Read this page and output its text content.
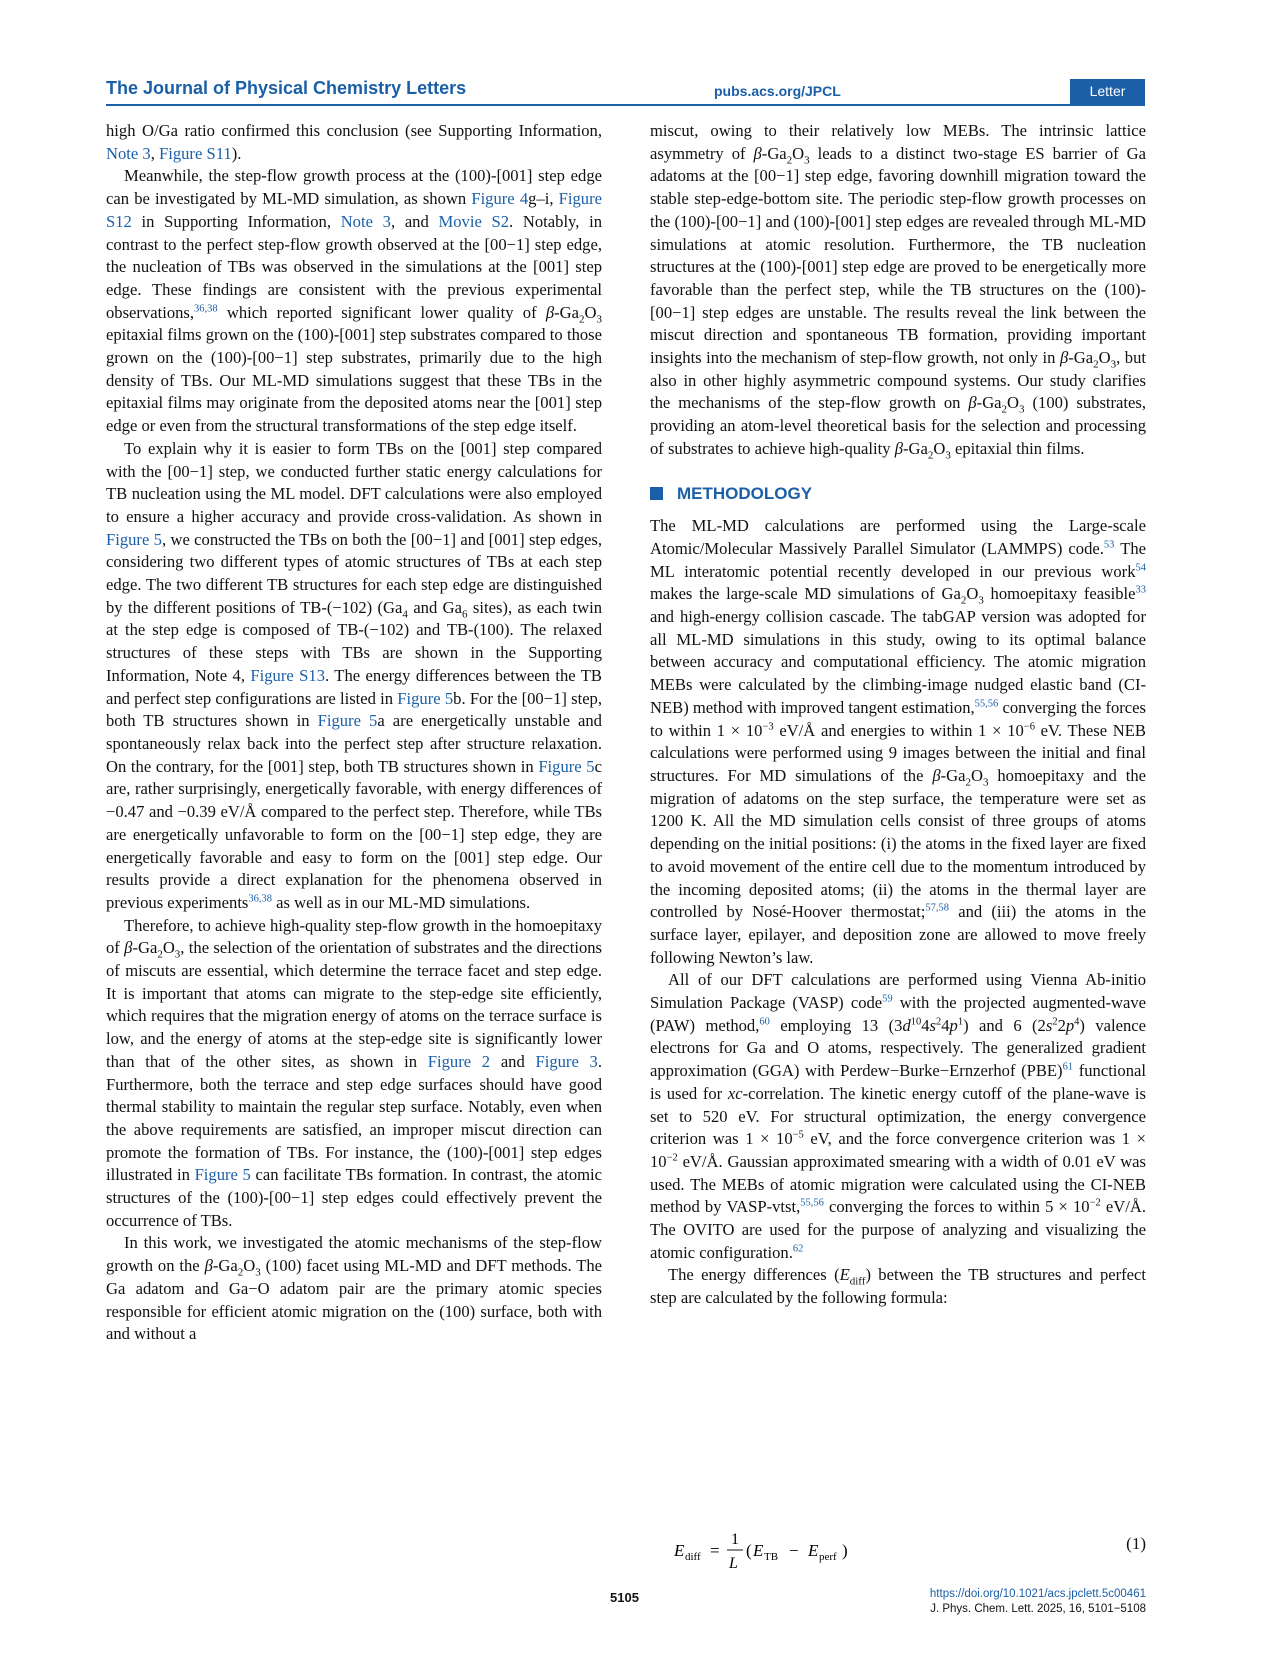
The Journal of Physical Chemistry Letters	pubs.acs.org/JPCL	Letter

high O/Ga ratio confirmed this conclusion (see Supporting Information, Note 3, Figure S11).

Meanwhile, the step-flow growth process at the (100)-[001] step edge can be investigated by ML-MD simulation, as shown Figure 4g–i, Figure S12 in Supporting Information, Note 3, and Movie S2. Notably, in contrast to the perfect step-flow growth observed at the [00−1] step edge, the nucleation of TBs was observed in the simulations at the [001] step edge. These findings are consistent with the previous experimental observations,$^{36,38}$ which reported significant lower quality of $\beta-Ga_2O_3$ epitaxial films grown on the (100)-[001] step substrates compared to those grown on the (100)-[00−1] step substrates, primarily due to the high density of TBs. Our ML-MD simulations suggest that these TBs in the epitaxial films may originate from the deposited atoms near the [001] step edge or even from the structural transformations of the step edge itself.

To explain why it is easier to form TBs on the [001] step compared with the [00−1] step, we conducted further static energy calculations for TB nucleation using the ML model. DFT calculations were also employed to ensure a higher accuracy and provide cross-validation. As shown in Figure 5, we constructed the TBs on both the [00−1] and [001] step edges, considering two different types of atomic structures of TBs at each step edge. The two different TB structures for each step edge are distinguished by the different positions of TB-(−102) ($Ga_4$ and $Ga_6$ sites), as each twin at the step edge is composed of TB-(−102) and TB-(100). The relaxed structures of these steps with TBs are shown in the Supporting Information, Note 4, Figure S13. The energy differences between the TB and perfect step configurations are listed in Figure 5b. For the [00−1] step, both TB structures shown in Figure 5a are energetically unstable and spontaneously relax back into the perfect step after structure relaxation. On the contrary, for the [001] step, both TB structures shown in Figure 5c are, rather surprisingly, energetically favorable, with energy differences of −0.47 and −0.39 eV/Å compared to the perfect step. Therefore, while TBs are energetically unfavorable to form on the [00−1] step edge, they are energetically favorable and easy to form on the [001] step edge. Our results provide a direct explanation for the phenomena observed in previous experiments$^{36,38}$ as well as in our ML-MD simulations.

Therefore, to achieve high-quality step-flow growth in the homoepitaxy of $\beta-Ga_2O_3$, the selection of the orientation of substrates and the directions of miscuts are essential, which determine the terrace facet and step edge. It is important that atoms can migrate to the step-edge site efficiently, which requires that the migration energy of atoms on the terrace surface is low, and the energy of atoms at the step-edge site is significantly lower than that of the other sites, as shown in Figure 2 and Figure 3. Furthermore, both the terrace and step edge surfaces should have good thermal stability to maintain the regular step surface. Notably, even when the above requirements are satisfied, an improper miscut direction can promote the formation of TBs. For instance, the (100)-[001] step edges illustrated in Figure 5 can facilitate TBs formation. In contrast, the atomic structures of the (100)-[00−1] step edges could effectively prevent the occurrence of TBs.

In this work, we investigated the atomic mechanisms of the step-flow growth on the $\beta-Ga_2O_3$ (100) facet using ML-MD and DFT methods. The Ga adatom and Ga−O adatom pair are the primary atomic species responsible for efficient atomic migration on the (100) surface, both with and without a

miscut, owing to their relatively low MEBs. The intrinsic lattice asymmetry of $\beta-Ga_2O_3$ leads to a distinct two-stage ES barrier of Ga adatoms at the [00−1] step edge, favoring downhill migration toward the stable step-edge-bottom site. The periodic step-flow growth processes on the (100)-[00−1] and (100)-[001] step edges are revealed through ML-MD simulations at atomic resolution. Furthermore, the TB nucleation structures at the (100)-[001] step edge are proved to be energetically more favorable than the perfect step, while the TB structures on the (100)-[00−1] step edges are unstable. The results reveal the link between the miscut direction and spontaneous TB formation, providing important insights into the mechanism of step-flow growth, not only in $\beta-Ga_2O_3$, but also in other highly asymmetric compound systems. Our study clarifies the mechanisms of the step-flow growth on $\beta-Ga_2O_3$ (100) substrates, providing an atom-level theoretical basis for the selection and processing of substrates to achieve high-quality $\beta-Ga_2O_3$ epitaxial thin films.

METHODOLOGY

The ML-MD calculations are performed using the Large-scale Atomic/Molecular Massively Parallel Simulator (LAMMPS) code.$^{53}$ The ML interatomic potential recently developed in our previous work$^{54}$ makes the large-scale MD simulations of $Ga_2O_3$ homoepitaxy feasible$^{33}$ and high-energy collision cascade. The tabGAP version was adopted for all ML-MD simulations in this study, owing to its optimal balance between accuracy and computational efficiency. The atomic migration MEBs were calculated by the climbing-image nudged elastic band (CI-NEB) method with improved tangent estimation,$^{55,56}$ converging the forces to within $1 \times 10^{-3}$ eV/Å and energies to within $1 \times 10^{-6}$ eV. These NEB calculations were performed using 9 images between the initial and final structures. For MD simulations of the $\beta-Ga_2O_3$ homoepitaxy and the migration of adatoms on the step surface, the temperature were set as 1200 K. All the MD simulation cells consist of three groups of atoms depending on the initial positions: (i) the atoms in the fixed layer are fixed to avoid movement of the entire cell due to the momentum introduced by the incoming deposited atoms; (ii) the atoms in the thermal layer are controlled by Nosé-Hoover thermostat;$^{57,58}$ and (iii) the atoms in the surface layer, epilayer, and deposition zone are allowed to move freely following Newton’s law.

All of our DFT calculations are performed using Vienna Ab-initio Simulation Package (VASP) code$^{59}$ with the projected augmented-wave (PAW) method,$^{60}$ employing 13 $(3d^{10}4s^24p^1)$ and 6 $(2s^22p^4)$ valence electrons for Ga and O atoms, respectively. The generalized gradient approximation (GGA) with Perdew−Burke−Ernzerhof (PBE)$^{61}$ functional is used for xc-correlation. The kinetic energy cutoff of the plane-wave is set to 520 eV. For structural optimization, the energy convergence criterion was $1 \times 10^{-5}$ eV, and the force convergence criterion was $1 \times 10^{-2}$ eV/Å. Gaussian approximated smearing with a width of 0.01 eV was used. The MEBs of atomic migration were calculated using the CI-NEB method by VASP-vtst,$^{55,56}$ converging the forces to within $5 \times 10^{-2}$ eV/Å. The OVITO are used for the purpose of analyzing and visualizing the atomic configuration.$^{62}$

The energy differences $(E_{diff})$ between the TB structures and perfect step are calculated by the following formula:

E diff =
1
L
( E TB − E perf )	(1)
5105	https://doi.org/10.1021/acs.jpclett.5c00461
J. Phys. Chem. Lett. 2025, 16, 5101−5108
